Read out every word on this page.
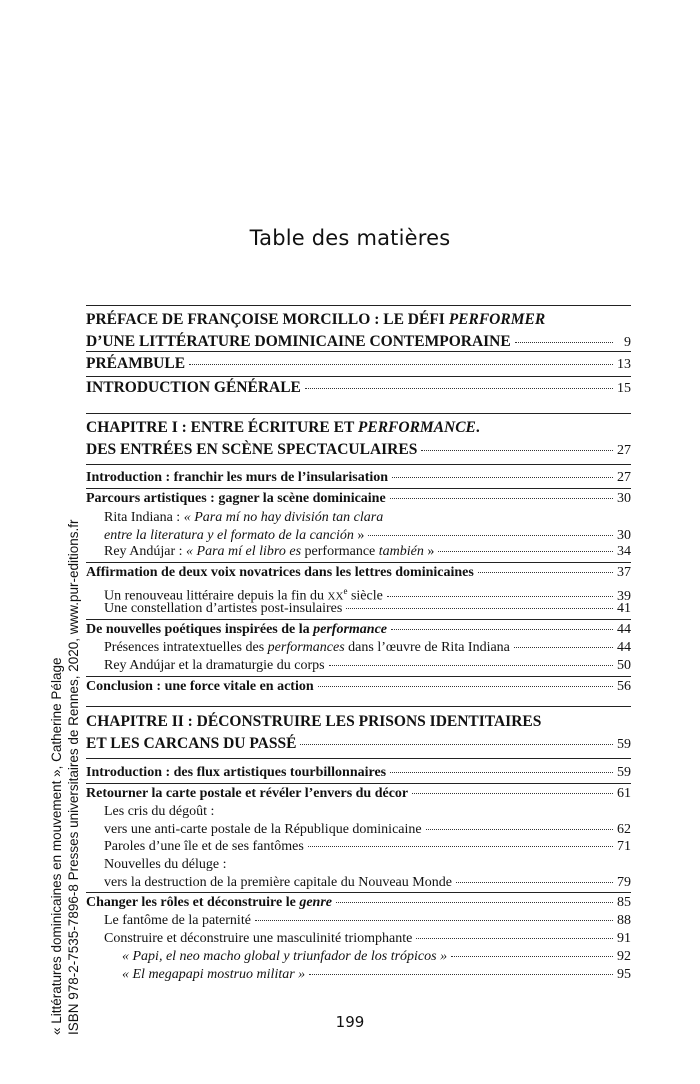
Table des matières
PRÉFACE DE FRANÇOISE MORCILLO : LE DÉFI PERFORMER
D’UNE LITTÉRATURE DOMINICAINE CONTEMPORAINE	9
PRÉAMBULE	13
INTRODUCTION GÉNÉRALE	15
CHAPITRE I : ENTRE ÉCRITURE ET PERFORMANCE.
DES ENTRÉES EN SCÈNE SPECTACULAIRES	27
Introduction : franchir les murs de l’insularisation	27
Parcours artistiques : gagner la scène dominicaine	30
Rita Indiana : « Para mí no hay división tan clara
entre la literatura y el formato de la canción »	30
Rey Andújar : « Para mí el libro es performance también »	34
Affirmation de deux voix novatrices dans les lettres dominicaines	37
Un renouveau littéraire depuis la fin du XXe siècle	39
Une constellation d’artistes post-insulaires	41
De nouvelles poétiques inspirées de la performance	44
Présences intratextuelles des performances dans l’œuvre de Rita Indiana	44
Rey Andújar et la dramaturgie du corps	50
Conclusion : une force vitale en action	56
CHAPITRE II : DÉCONSTRUIRE LES PRISONS IDENTITAIRES
ET LES CARCANS DU PASSÉ	59
Introduction : des flux artistiques tourbillonnaires	59
Retourner la carte postale et révéler l’envers du décor	61
Les cris du dégoût :
vers une anti-carte postale de la République dominicaine	62
Paroles d’une île et de ses fantômes	71
Nouvelles du déluge :
vers la destruction de la première capitale du Nouveau Monde	79
Changer les rôles et déconstruire le genre	85
Le fantôme de la paternité	88
Construire et déconstruire une masculinité triomphante	91
« Papi, el neo macho global y triunfador de los trópicos »	92
« El megapapi mostruo militar »	95
199
« Littératures dominicaines en mouvement », Catherine Pélage ISBN 978-2-7535-7896-8 Presses universitaires de Rennes, 2020, www.pur-editions.fr
